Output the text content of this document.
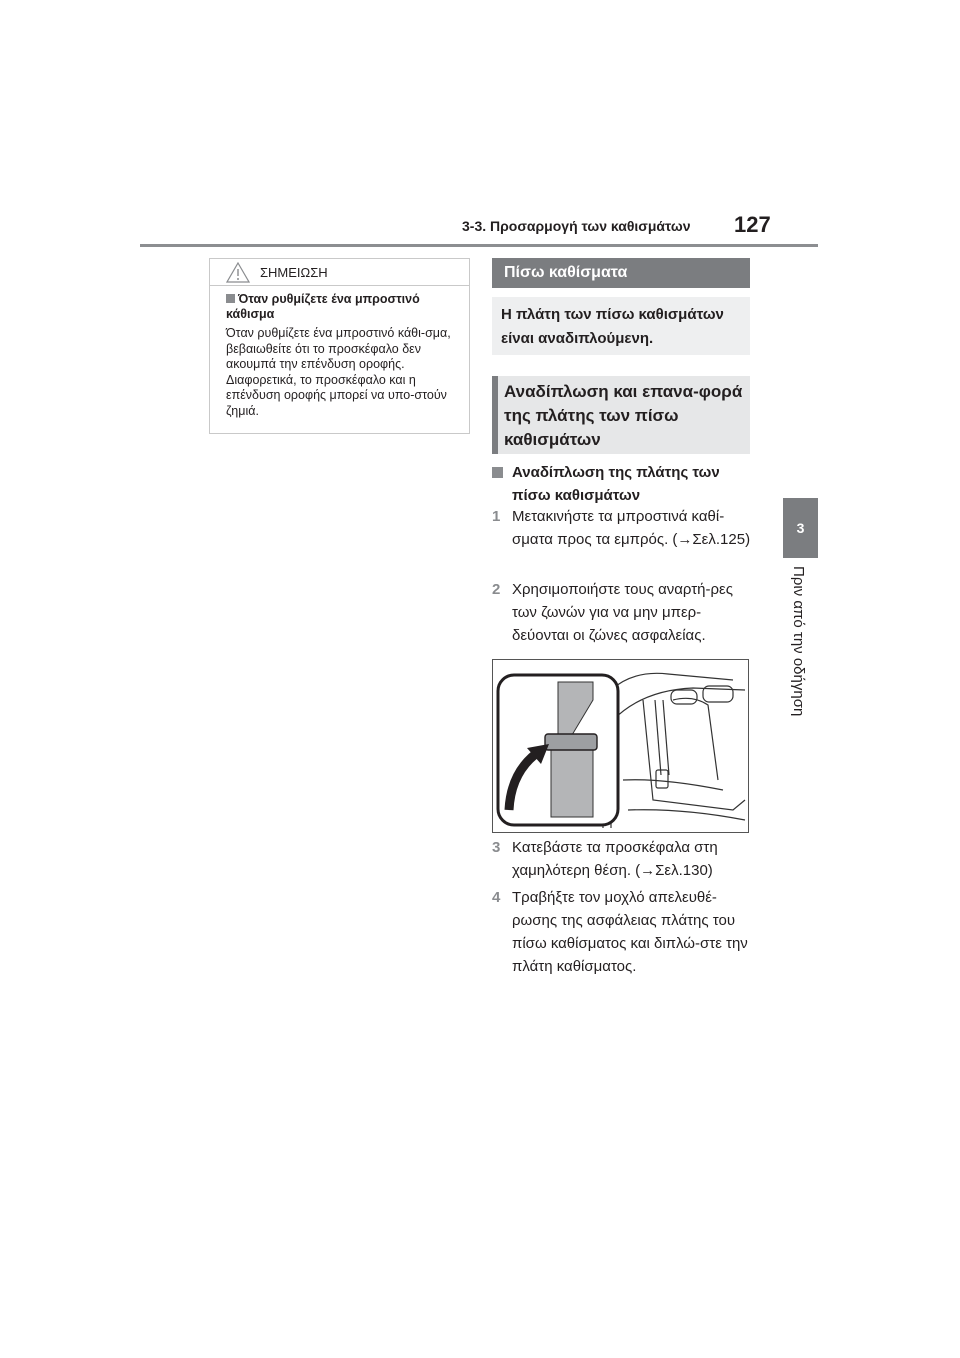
3-3. Προσαρμογή των καθισμάτων 127
3
Πριν από την οδήγηση
ΣΗΜΕΙΩΣΗ
Όταν ρυθμίζετε ένα μπροστινό κάθισμα
Όταν ρυθμίζετε ένα μπροστινό κάθι-σμα, βεβαιωθείτε ότι το προσκέφαλο δεν ακουμπά την επένδυση οροφής. Διαφορετικά, το προσκέφαλο και η επένδυση οροφής μπορεί να υπο-στούν ζημιά.
Πίσω καθίσματα
Η πλάτη των πίσω καθισμάτων είναι αναδιπλούμενη.
Αναδίπλωση και επανα-φορά της πλάτης των πίσω καθισμάτων
Αναδίπλωση της πλάτης των πίσω καθισμάτων
1 Μετακινήστε τα μπροστινά καθί-σματα προς τα εμπρός. (→Σελ.125)
2 Χρησιμοποιήστε τους αναρτή-ρες των ζωνών για να μην μπερ-δεύονται οι ζώνες ασφαλείας.
3 Κατεβάστε τα προσκέφαλα στη χαμηλότερη θέση. (→Σελ.130)
4 Τραβήξτε τον μοχλό απελευθέ-ρωσης της ασφάλειας πλάτης του πίσω καθίσματος και διπλώ-στε την πλάτη καθίσματος.
